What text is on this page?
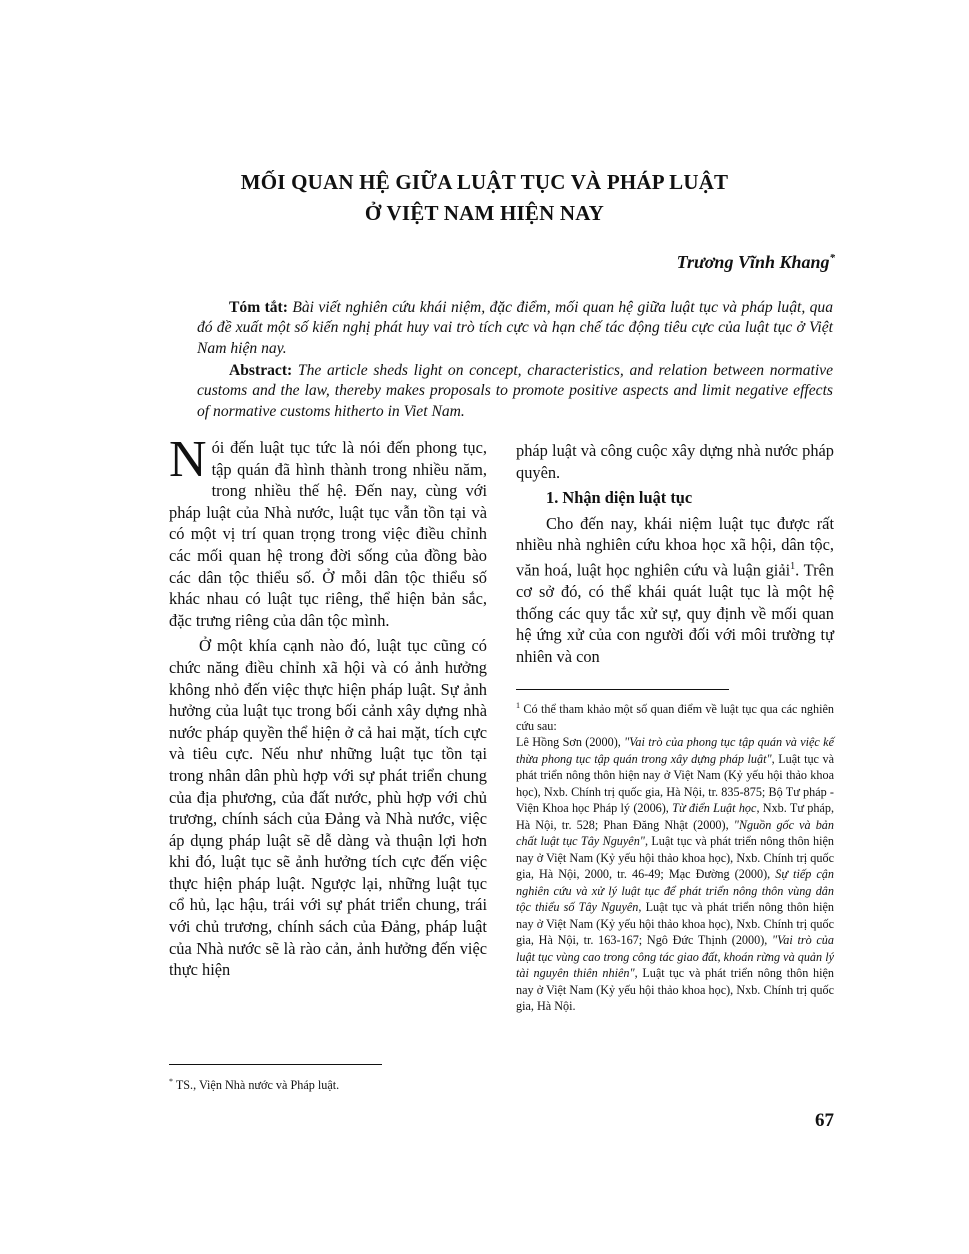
MỐI QUAN HỆ GIỮA LUẬT TỤC VÀ PHÁP LUẬT
Ở VIỆT NAM HIỆN NAY
Trương Vĩnh Khang*

Tóm tắt: Bài viết nghiên cứu khái niệm, đặc điểm, mối quan hệ giữa luật tục và pháp luật, qua đó đề xuất một số kiến nghị phát huy vai trò tích cực và hạn chế tác động tiêu cực của luật tục ở Việt Nam hiện nay.

Abstract: The article sheds light on concept, characteristics, and relation between normative customs and the law, thereby makes proposals to promote positive aspects and limit negative effects of normative customs hitherto in Viet Nam.

Nói đến luật tục tức là nói đến phong tục, tập quán đã hình thành trong nhiều năm, trong nhiều thế hệ. Đến nay, cùng với pháp luật của Nhà nước, luật tục vẫn tồn tại và có một vị trí quan trọng trong việc điều chỉnh các mối quan hệ trong đời sống của đồng bào các dân tộc thiểu số. Ở mỗi dân tộc thiểu số khác nhau có luật tục riêng, thể hiện bản sắc, đặc trưng riêng của dân tộc mình.

Ở một khía cạnh nào đó, luật tục cũng có chức năng điều chỉnh xã hội và có ảnh hưởng không nhỏ đến việc thực hiện pháp luật. Sự ảnh hưởng của luật tục trong bối cảnh xây dựng nhà nước pháp quyền thể hiện ở cả hai mặt, tích cực và tiêu cực. Nếu như những luật tục tồn tại trong nhân dân phù hợp với sự phát triển chung của địa phương, của đất nước, phù hợp với chủ trương, chính sách của Đảng và Nhà nước, việc áp dụng pháp luật sẽ dễ dàng và thuận lợi hơn khi đó, luật tục sẽ ảnh hưởng tích cực đến việc thực hiện pháp luật. Ngược lại, những luật tục cổ hủ, lạc hậu, trái với sự phát triển chung, trái với chủ trương, chính sách của Đảng, pháp luật của Nhà nước sẽ là rào cản, ảnh hưởng đến việc thực hiện

pháp luật và công cuộc xây dựng nhà nước pháp quyên.

1. Nhận diện luật tục

Cho đến nay, khái niệm luật tục được rất nhiều nhà nghiên cứu khoa học xã hội, dân tộc, văn hoá, luật học nghiên cứu và luận giải$^1$. Trên cơ sở đó, có thể khái quát luật tục là một hệ thống các quy tắc xử sự, quy định về mối quan hệ ứng xử của con người đối với môi trường tự nhiên và con

$^1$ Có thể tham khảo một số quan điểm về luật tục qua các nghiên cứu sau:

Lê Hồng Sơn (2000), "Vai trò của phong tục tập quán và việc kế thừa phong tục tập quán trong xây dựng pháp luật", Luật tục và phát triển nông thôn hiện nay ở Việt Nam (Kỷ yếu hội thảo khoa học), Nxb. Chính trị quốc gia, Hà Nội, tr. 835-875; Bộ Tư pháp - Viện Khoa học Pháp lý (2006), Từ điển Luật học, Nxb. Tư pháp, Hà Nội, tr. 528; Phan Đăng Nhật (2000), "Nguồn gốc và bản chất luật tục Tây Nguyên", Luật tục và phát triển nông thôn hiện nay ở Việt Nam (Kỷ yếu hội thảo khoa học), Nxb. Chính trị quốc gia, Hà Nội, 2000, tr. 46-49; Mạc Đường (2000), Sự tiếp cận nghiên cứu và xử lý luật tục để phát triển nông thôn vùng dân tộc thiểu số Tây Nguyên, Luật tục và phát triển nông thôn hiện nay ở Việt Nam (Kỷ yếu hội thảo khoa học), Nxb. Chính trị quốc gia, Hà Nội, tr. 163-167; Ngô Đức Thịnh (2000), "Vai trò của luật tục vùng cao trong công tác giao đất, khoán rừng và quản lý tài nguyên thiên nhiên", Luật tục và phát triển nông thôn hiện nay ở Việt Nam (Kỷ yếu hội thảo khoa học), Nxb. Chính trị quốc gia, Hà Nội.

* TS., Viện Nhà nước và Pháp luật.
67
